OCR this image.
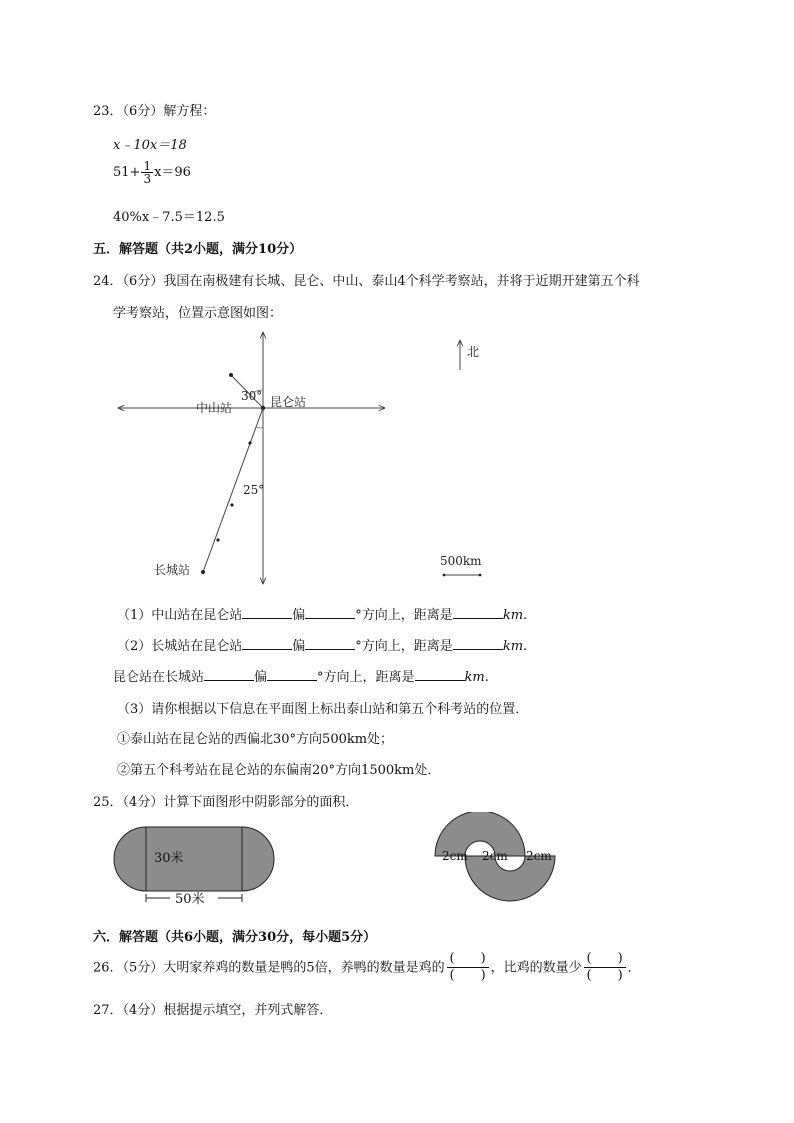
23．（6分）解方程：
x﹣10x＝18
$51+ \frac{1}{3} x=96$
40%x﹣7.5＝12.5
五．解答题（共2小题，满分10分）
24．（6分）我国在南极建有长城、昆仑、中山、泰山4个科学考察站，并将于近期开建第五个科
学考察站，位置示意图如图：
北
30°
中山站	昆仑站
25°
长城站
500km
（1）中山站在昆仑站	偏	°方向上，距离是	km.
（2）长城站在昆仑站	偏	°方向上，距离是	km.
昆仑站在长城站	偏	°方向上，距离是	km.
（3）请你根据以下信息在平面图上标出泰山站和第五个科考站的位置．
①泰山站在昆仑站的西偏北30°方向500km处；
②第五个科考站在昆仑站的东偏南20°方向1500km处．
25．（4分）计算下面图形中阴影部分的面积．
30米
50米
2cm 2cm 2cm
六．解答题（共6小题，满分30分，每小题5分）
26．（5分）大明家养鸡的数量是鸭的5倍，养鸭的数量是鸡的
(　　)
(　　) ，比鸡的数量少
(　　)
(　　) ．
27．（4分）根据提示填空，并列式解答．
